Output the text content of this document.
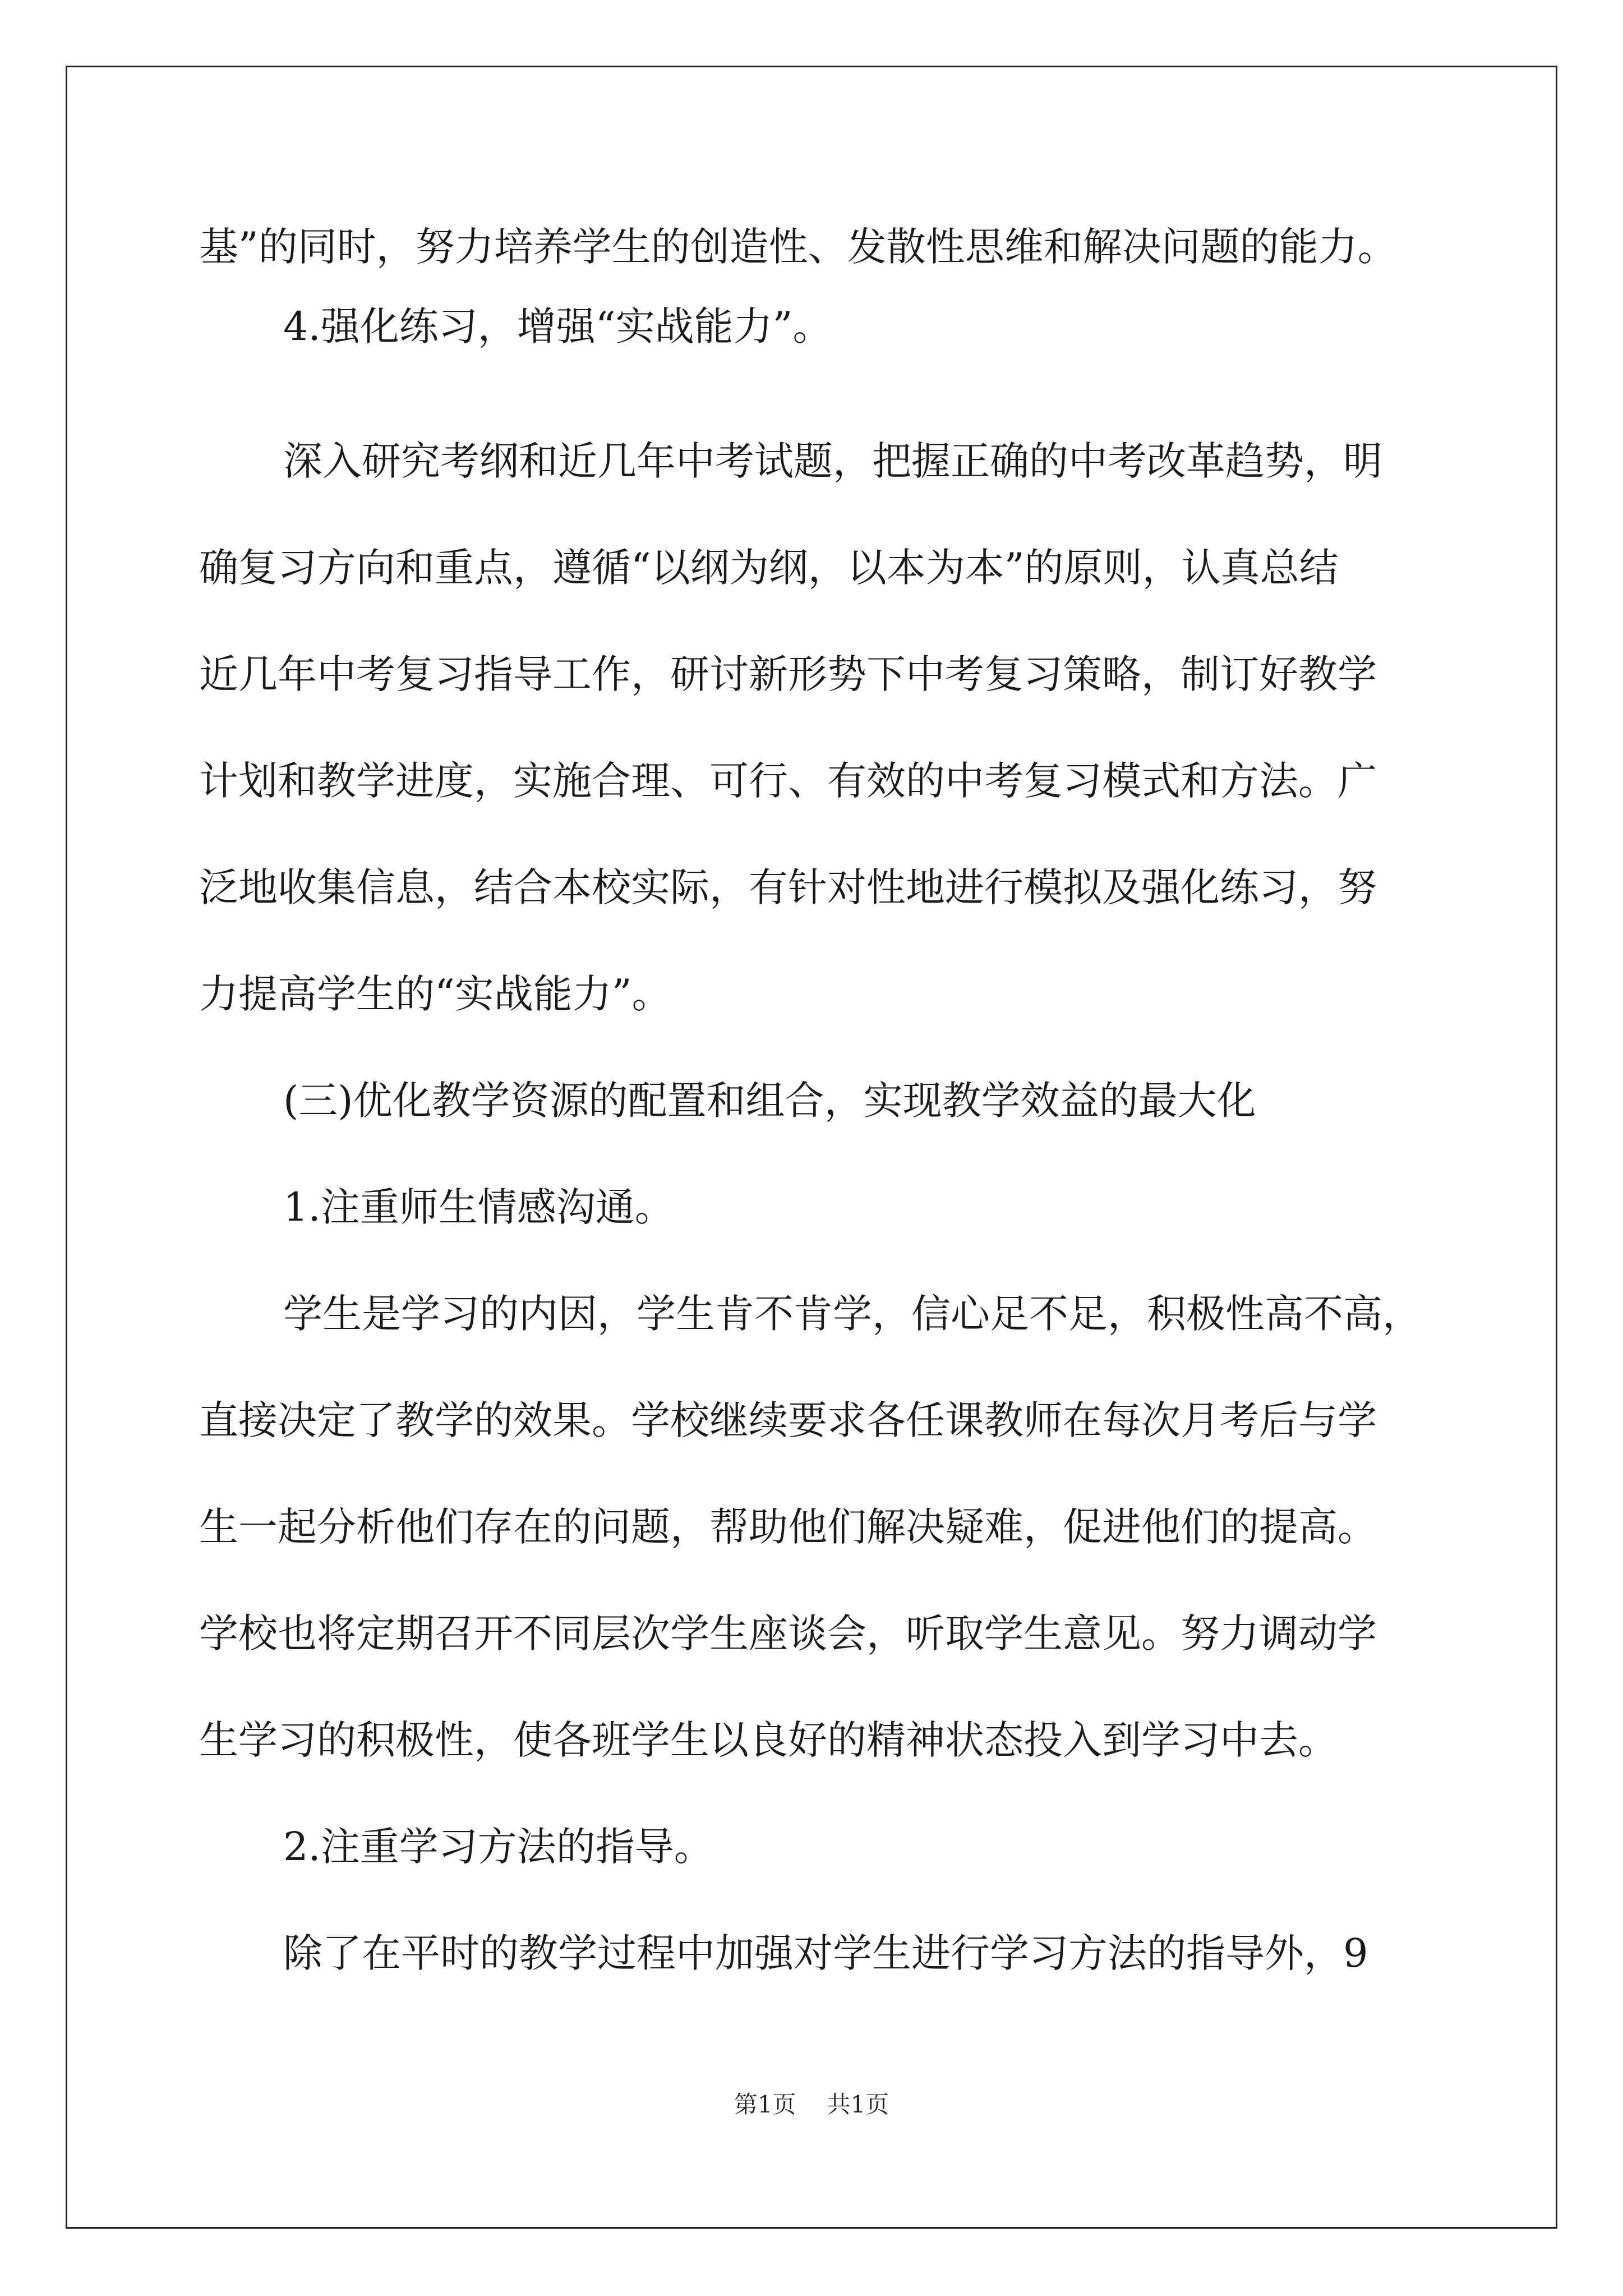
基”的同时，努力培养学生的创造性、发散性思维和解决问题的能力。
4.强化练习，增强“实战能力”。
深入研究考纲和近几年中考试题，把握正确的中考改革趋势，明
确复习方向和重点，遵循“以纲为纲，以本为本”的原则，认真总结
近几年中考复习指导工作，研讨新形势下中考复习策略，制订好教学
计划和教学进度，实施合理、可行、有效的中考复习模式和方法。广
泛地收集信息，结合本校实际，有针对性地进行模拟及强化练习，努
力提高学生的“实战能力”。
(三)优化教学资源的配置和组合，实现教学效益的最大化
1.注重师生情感沟通。
学生是学习的内因，学生肯不肯学，信心足不足，积极性高不高，
直接决定了教学的效果。学校继续要求各任课教师在每次月考后与学
生一起分析他们存在的问题，帮助他们解决疑难，促进他们的提高。
学校也将定期召开不同层次学生座谈会，听取学生意见。努力调动学
生学习的积极性，使各班学生以良好的精神状态投入到学习中去。
2.注重学习方法的指导。
除了在平时的教学过程中加强对学生进行学习方法的指导外，9
第1页 共1页
